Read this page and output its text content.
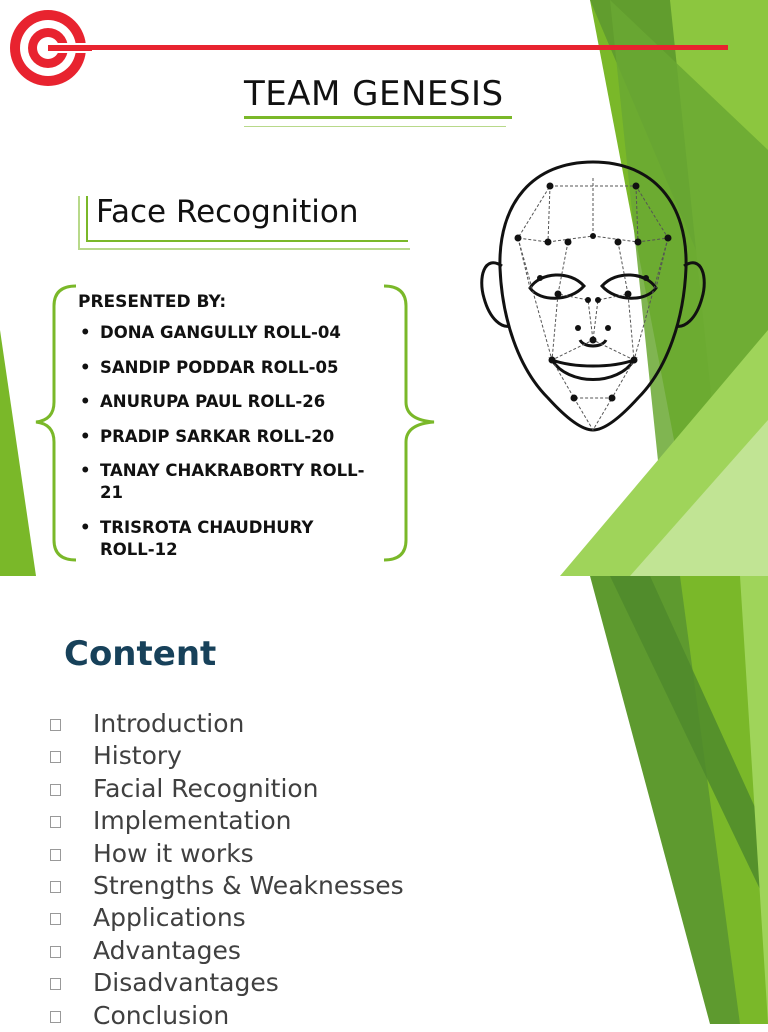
TEAM GENESIS
Face Recognition
PRESENTED BY:
• DONA GANGULLY ROLL-04
• SANDIP PODDAR ROLL-05
• ANURUPA PAUL ROLL-26
• PRADIP SARKAR ROLL-20
• TANAY CHAKRABORTY ROLL-21
• TRISROTA CHAUDHURY ROLL-12
•
Content
Introduction
History
Facial Recognition
Implementation
How it works
Strengths & Weaknesses
Applications
Advantages
Disadvantages
Conclusion
